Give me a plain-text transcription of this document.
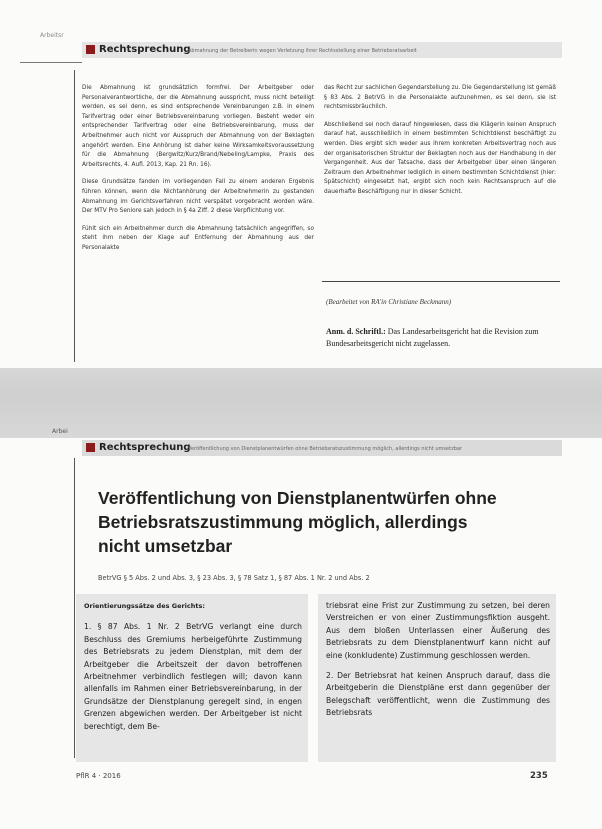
Arbeitsr
Rechtsprechung
Abmahnung der Betreiberin wegen Verletzung ihrer Rechtsstellung einer Betriebsratsarbeit

Die Abmahnung ist grundsätzlich formfrei. Der Arbeitgeber oder Personalverantwortliche, der die Abmahnung ausspricht, muss nicht beteiligt werden, es sei denn, es sind entsprechende Vereinbarungen z.B. in einem Tarifvertrag oder einer Betriebsvereinbarung vorliegen. Besteht weder ein entsprechender Tarifvertrag oder eine Betriebsvereinbarung, muss der Arbeitnehmer auch nicht vor Ausspruch der Abmahnung von der Beklagten angehört werden. Eine Anhörung ist daher keine Wirksamkeitsvoraussetzung für die Abmahnung (Bergwitz/Kurz/Brand/Nebeling/Lampke, Praxis des Arbeitsrechts, 4. Aufl. 2013, Kap. 21 Rn. 16).

Diese Grundsätze fanden im vorliegenden Fall zu einem anderen Ergebnis führen können, wenn die Nichtanhörung der Arbeitnehmerin zu gestanden Abmahnung im Gerichtsverfahren nicht verspätet vorgebracht worden wäre. Der MTV Pro Seniore sah jedoch in § 4a Ziff. 2 diese Verpflichtung vor.

Fühlt sich ein Arbeitnehmer durch die Abmahnung tatsächlich angegriffen, so steht ihm neben der Klage auf Entfernung der Abmahnung aus der Personalakte

das Recht zur sachlichen Gegendarstellung zu. Die Gegendarstellung ist gemäß § 83 Abs. 2 BetrVG in die Personalakte aufzunehmen, es sei denn, sie ist rechtsmissbräuchlich.

Abschließend sei noch darauf hingewiesen, dass die Klägerin keinen Anspruch darauf hat, ausschließlich in einem bestimmten Schichtdienst beschäftigt zu werden. Dies ergibt sich weder aus ihrem konkreten Arbeitsvertrag noch aus der organisatorischen Struktur der Beklagten noch aus der Handhabung in der Vergangenheit. Aus der Tatsache, dass der Arbeitgeber über einen längeren Zeitraum den Arbeitnehmer lediglich in einem bestimmten Schichtdienst (hier: Spätschicht) eingesetzt hat, ergibt sich noch kein Rechtsanspruch auf die dauerhafte Beschäftigung nur in dieser Schicht.

(Bearbeitet von RA'in Christiane Beckmann)
Anm. d. Schriftl.: Das Landesarbeitsgericht hat die Revision zum Bundesarbeitsgericht nicht zugelassen.
Arbei
Rechtsprechung
Veröffentlichung von Dienstplanentwürfen ohne Betriebsratszustimmung möglich, allerdings nicht umsetzbar
Veröffentlichung von Dienstplanentwürfen ohne
Betriebsratszustimmung möglich, allerdings
nicht umsetzbar
BetrVG § 5 Abs. 2 und Abs. 3, § 23 Abs. 3, § 78 Satz 1, § 87 Abs. 1 Nr. 2 und Abs. 2
Orientierungssätze des Gerichts:

1. § 87 Abs. 1 Nr. 2 BetrVG verlangt eine durch Beschluss des Gremiums herbeigeführte Zustimmung des Betriebsrats zu jedem Dienstplan, mit dem der Arbeitgeber die Arbeitszeit der davon betroffenen Arbeitnehmer verbindlich festlegen will; davon kann allenfalls im Rahmen einer Betriebsvereinbarung, in der Grundsätze der Dienstplanung geregelt sind, in engen Grenzen abgewichen werden. Der Arbeitgeber ist nicht berechtigt, dem Be-

triebsrat eine Frist zur Zustimmung zu setzen, bei deren Verstreichen er von einer Zustimmungsfiktion ausgeht. Aus dem bloßen Unterlassen einer Äußerung des Betriebsrats zu dem Dienstplanentwurf kann nicht auf eine (konkludente) Zustimmung geschlossen werden.

2. Der Betriebsrat hat keinen Anspruch darauf, dass die Arbeitgeberin die Dienstpläne erst dann gegenüber der Belegschaft veröffentlicht, wenn die Zustimmung des Betriebsrats

PflR 4 · 2016	235
